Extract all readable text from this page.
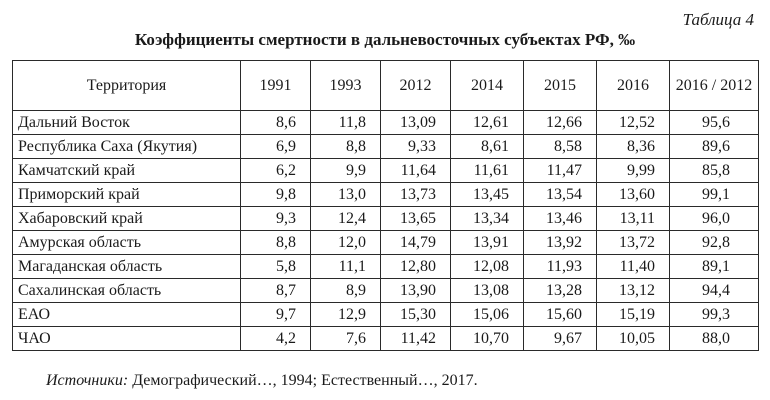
Таблица 4
Коэффициенты смертности в дальневосточных субъектах РФ, ‰
Территория	1991	1993	2012	2014	2015	2016	2016 / 2012
Дальний Восток	8,6	11,8	13,09	12,61	12,66	12,52	95,6
Республика Саха (Якутия)	6,9	8,8	9,33	8,61	8,58	8,36	89,6
Камчатский край	6,2	9,9	11,64	11,61	11,47	9,99	85,8
Приморский край	9,8	13,0	13,73	13,45	13,54	13,60	99,1
Хабаровский край	9,3	12,4	13,65	13,34	13,46	13,11	96,0
Амурская область	8,8	12,0	14,79	13,91	13,92	13,72	92,8
Магаданская область	5,8	11,1	12,80	12,08	11,93	11,40	89,1
Сахалинская область	8,7	8,9	13,90	13,08	13,28	13,12	94,4
ЕАО	9,7	12,9	15,30	15,06	15,60	15,19	99,3
ЧАО	4,2	7,6	11,42	10,70	9,67	10,05	88,0
Источники: Демографический…, 1994; Естественный…, 2017.
